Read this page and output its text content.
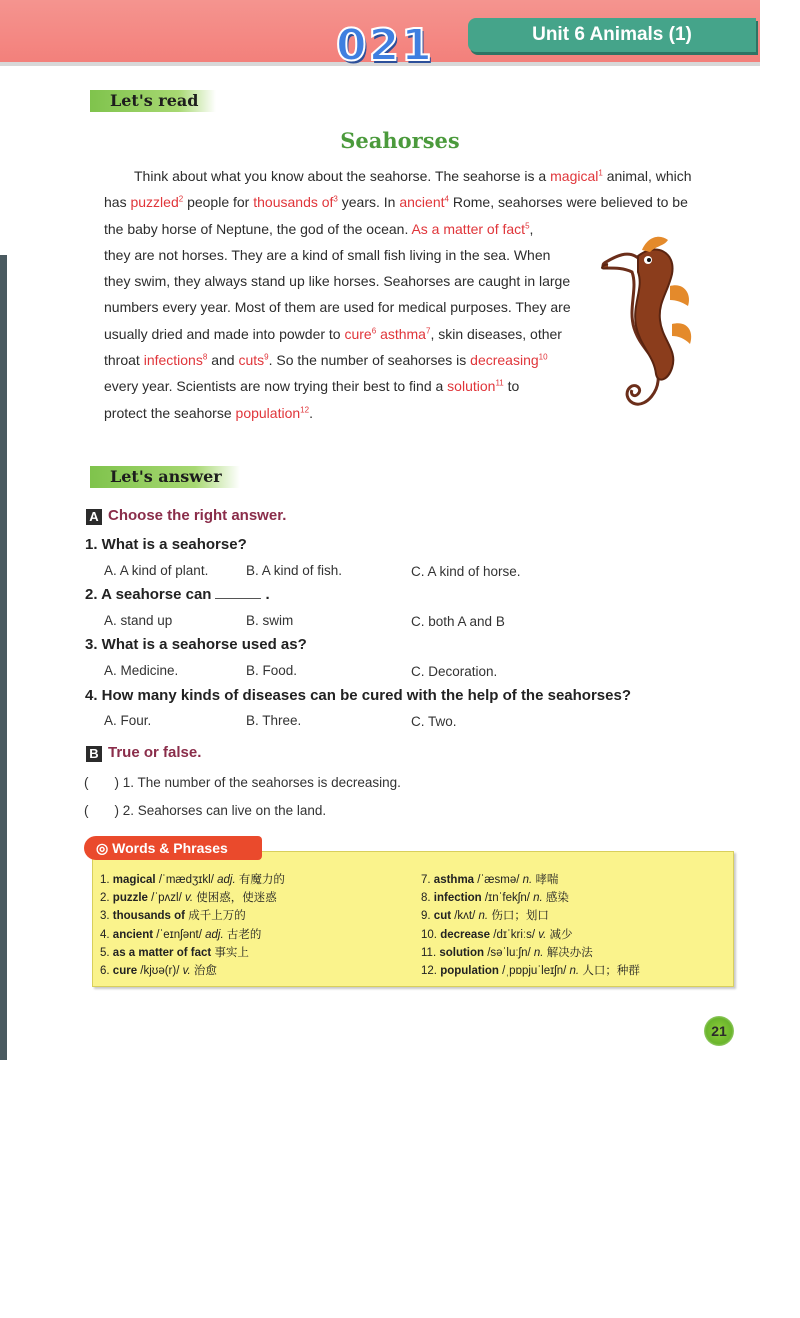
021	Unit 6 Animals (1)
Let's read
Seahorses

Think about what you know about the seahorse. The seahorse is a magical$^1$ animal, which

has puzzled$^2$ people for thousands $of^3$ years. In ancient$^4$ Rome, seahorses were believed to be

the baby horse of Neptune, the god of the ocean. As a matter of fact$^5$,

they are not horses. They are a kind of small fish living in the sea. When

they swim, they always stand up like horses. Seahorses are caught in large

numbers every year. Most of them are used for medical purposes. They are

usually dried and made into powder to cure$^6$ asthma$^7$, skin diseases, other

throat infections$^8$ and cuts$^9$. So the number of seahorses is decreasing$^{10}$

every year. Scientists are now trying their best to find a solution$^{11}$ to

protect the seahorse population$^{12}$.

Let's answer
A Choose the right answer.
1. What is a seahorse?
A. A kind of plant.	B. A kind of fish.	C. A kind of horse.
2. A seahorse can	.
A. stand up	B. swim	C. both A and B
3. What is a seahorse used as?
A. Medicine.	B. Food.	C. Decoration.
4. How many kinds of diseases can be cured with the help of the seahorses?
A. Four.	B. Three.	C. Two.
B True or false.
( ) 1. The number of the seahorses is decreasing.
( ) 2. Seahorses can live on the land.
◎ Words & Phrases
1. magical /ˈmædʒɪkl/ adj. 有魔力的
2. puzzle /ˈpʌzl/ v. 使困惑，使迷惑
3. thousands of 成千上万的
4. ancient /ˈeɪnʃənt/ adj. 古老的
5. as a matter of fact 事实上
6. cure /kjʊə(r)/ v. 治愈
7. asthma /ˈæsmə/ n. 哮喘
8. infection /ɪnˈfekʃn/ n. 感染
9. cut /kʌt/ n. 伤口；划口
10. decrease /dɪˈkriːs/ v. 减少
11. solution /səˈluːʃn/ n. 解决办法
12. population /ˌpɒpjuˈleɪʃn/ n. 人口；种群
21
